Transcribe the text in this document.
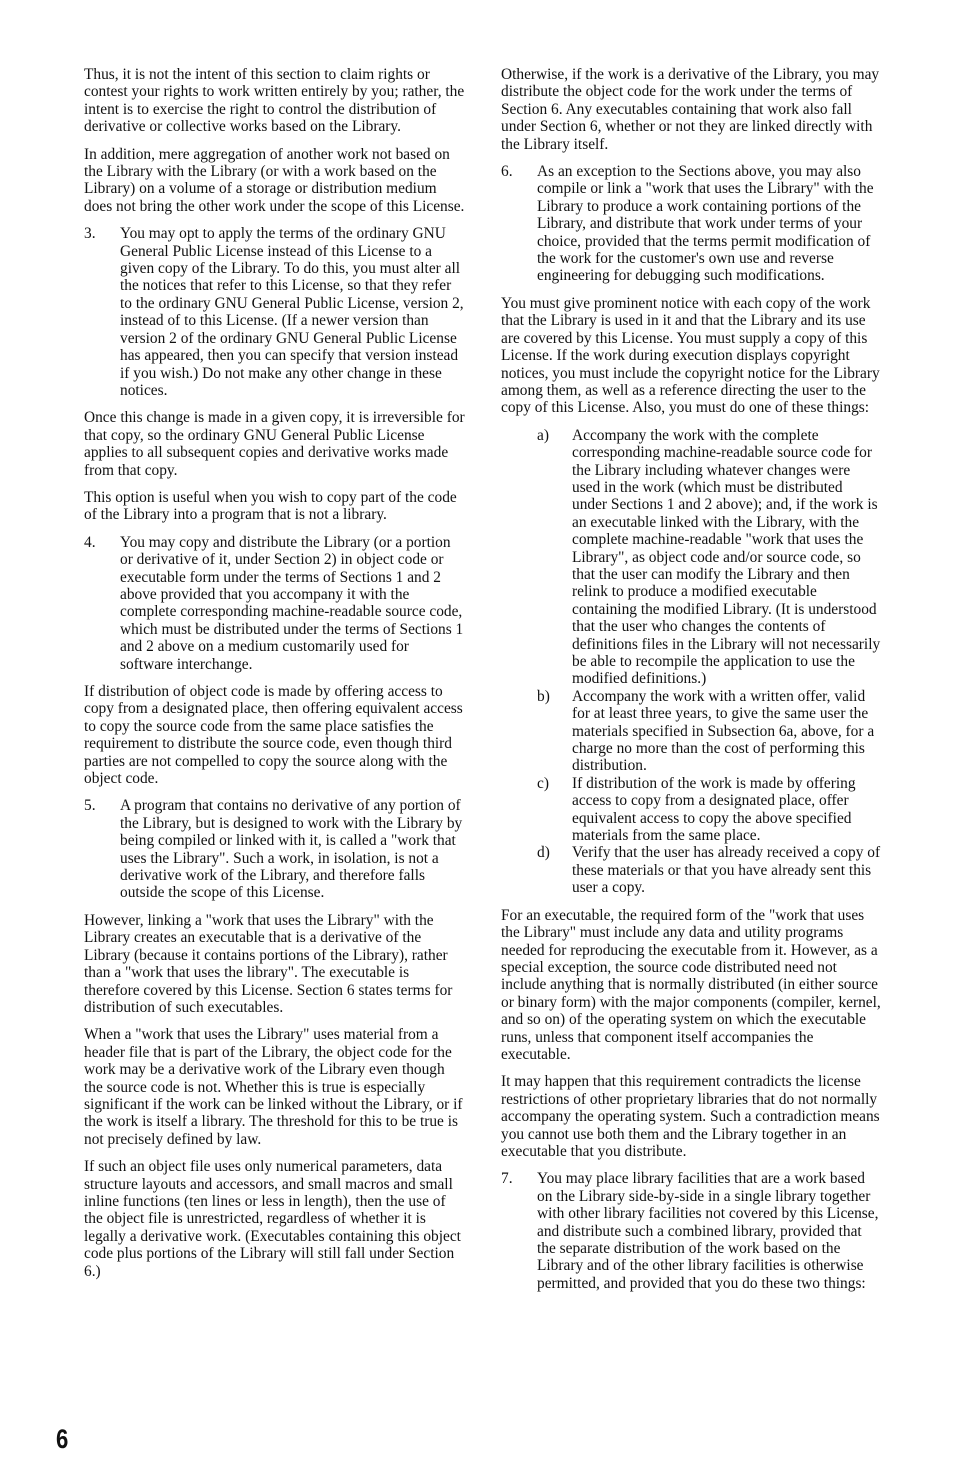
Thus, it is not the intent of this section to claim rights or contest your rights to work written entirely by you; rather, the intent is to exercise the right to control the distribution of derivative or collective works based on the Library.

In addition, mere aggregation of another work not based on the Library with the Library (or with a work based on the Library) on a volume of a storage or distribution medium does not bring the other work under the scope of this License.

3.	You may opt to apply the terms of the ordinary GNU General Public License instead of this License to a given copy of the Library. To do this, you must alter all the notices that refer to this License, so that they refer to the ordinary GNU General Public License, version 2, instead of to this License. (If a newer version than version 2 of the ordinary GNU General Public License has appeared, then you can specify that version instead if you wish.) Do not make any other change in these notices.

Once this change is made in a given copy, it is irreversible for that copy, so the ordinary GNU General Public License applies to all subsequent copies and derivative works made from that copy.

This option is useful when you wish to copy part of the code of the Library into a program that is not a library.

4.	You may copy and distribute the Library (or a portion or derivative of it, under Section 2) in object code or executable form under the terms of Sections 1 and 2 above provided that you accompany it with the complete corresponding machine-readable source code, which must be distributed under the terms of Sections 1 and 2 above on a medium customarily used for software interchange.

If distribution of object code is made by offering access to copy from a designated place, then offering equivalent access to copy the source code from the same place satisfies the requirement to distribute the source code, even though third parties are not compelled to copy the source along with the object code.

5.	A program that contains no derivative of any portion of the Library, but is designed to work with the Library by being compiled or linked with it, is called a "work that uses the Library". Such a work, in isolation, is not a derivative work of the Library, and therefore falls outside the scope of this License.

However, linking a "work that uses the Library" with the Library creates an executable that is a derivative of the Library (because it contains portions of the Library), rather than a "work that uses the library". The executable is therefore covered by this License. Section 6 states terms for distribution of such executables.

When a "work that uses the Library" uses material from a header file that is part of the Library, the object code for the work may be a derivative work of the Library even though the source code is not. Whether this is true is especially significant if the work can be linked without the Library, or if the work is itself a library. The threshold for this to be true is not precisely defined by law.

If such an object file uses only numerical parameters, data structure layouts and accessors, and small macros and small inline functions (ten lines or less in length), then the use of the object file is unrestricted, regardless of whether it is legally a derivative work. (Executables containing this object code plus portions of the Library will still fall under Section 6.)

Otherwise, if the work is a derivative of the Library, you may distribute the object code for the work under the terms of Section 6. Any executables containing that work also fall under Section 6, whether or not they are linked directly with the Library itself.

6.	As an exception to the Sections above, you may also compile or link a "work that uses the Library" with the Library to produce a work containing portions of the Library, and distribute that work under terms of your choice, provided that the terms permit modification of the work for the customer's own use and reverse engineering for debugging such modifications.

You must give prominent notice with each copy of the work that the Library is used in it and that the Library and its use are covered by this License. You must supply a copy of this License. If the work during execution displays copyright notices, you must include the copyright notice for the Library among them, as well as a reference directing the user to the copy of this License. Also, you must do one of these things:

a)	Accompany the work with the complete corresponding machine-readable source code for the Library including whatever changes were used in the work (which must be distributed under Sections 1 and 2 above); and, if the work is an executable linked with the Library, with the complete machine-readable "work that uses the Library", as object code and/or source code, so that the user can modify the Library and then relink to produce a modified executable containing the modified Library. (It is understood that the user who changes the contents of definitions files in the Library will not necessarily be able to recompile the application to use the modified definitions.)
b)	Accompany the work with a written offer, valid for at least three years, to give the same user the materials specified in Subsection 6a, above, for a charge no more than the cost of performing this distribution.
c)	If distribution of the work is made by offering access to copy from a designated place, offer equivalent access to copy the above specified materials from the same place.
d)	Verify that the user has already received a copy of these materials or that you have already sent this user a copy.

For an executable, the required form of the "work that uses the Library" must include any data and utility programs needed for reproducing the executable from it. However, as a special exception, the source code distributed need not include anything that is normally distributed (in either source or binary form) with the major components (compiler, kernel, and so on) of the operating system on which the executable runs, unless that component itself accompanies the executable.

It may happen that this requirement contradicts the license restrictions of other proprietary libraries that do not normally accompany the operating system. Such a contradiction means you cannot use both them and the Library together in an executable that you distribute.

7.	You may place library facilities that are a work based on the Library side-by-side in a single library together with other library facilities not covered by this License, and distribute such a combined library, provided that the separate distribution of the work based on the Library and of the other library facilities is otherwise permitted, and provided that you do these two things:
6
